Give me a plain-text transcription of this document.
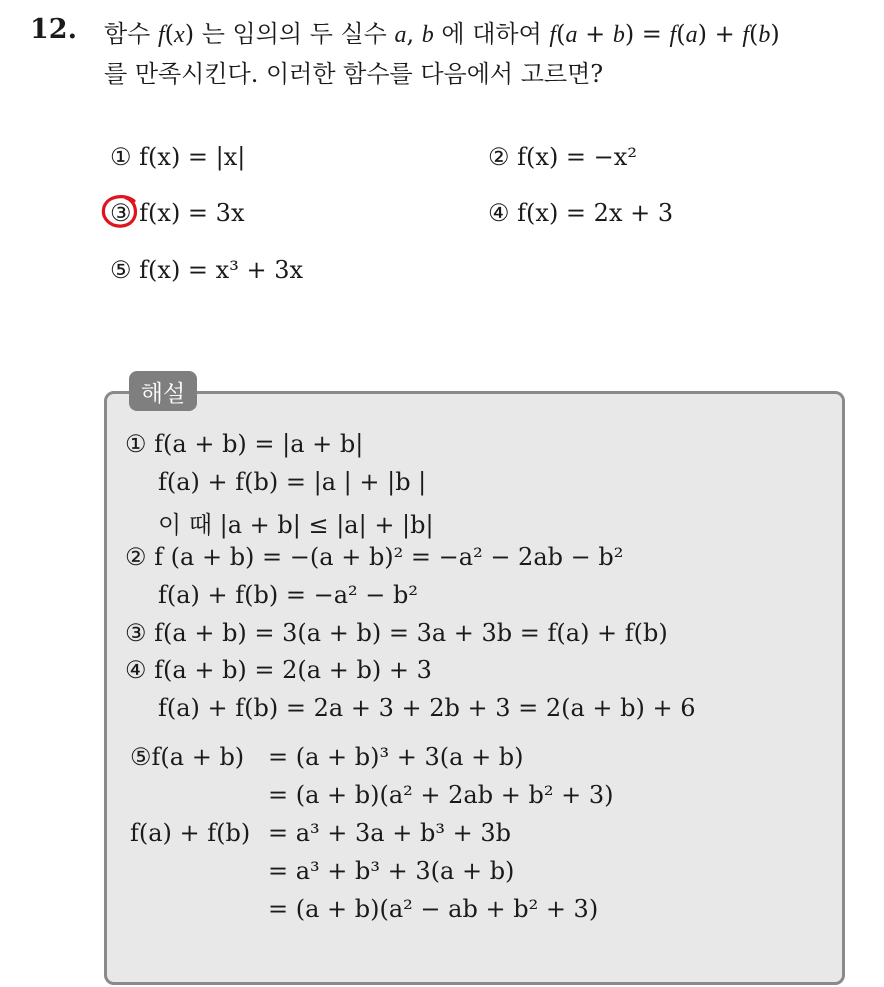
12. 함수 f(x) 는 임의의 두 실수 a, b 에 대하여 f(a + b) = f(a) + f(b)
를 만족시킨다. 이러한 함수를 다음에서 고르면?
① f(x) = |x|	② f(x) = −x²
③ f(x) = 3x	④ f(x) = 2x + 3
⑤ f(x) = x³ + 3x
해설
① f(a + b) = |a + b|
f(a) + f(b) = |a | + |b |
이 때 |a + b| ≤ |a| + |b|
② f (a + b) = −(a + b)² = −a² − 2ab − b²
f(a) + f(b) = −a² − b²
③ f(a + b) = 3(a + b) = 3a + 3b = f(a) + f(b)
④ f(a + b) = 2(a + b) + 3
f(a) + f(b) = 2a + 3 + 2b + 3 = 2(a + b) + 6
⑤f(a + b) = (a + b)³ + 3(a + b)
= (a + b)(a² + 2ab + b² + 3)
f(a) + f(b) = a³ + 3a + b³ + 3b
= a³ + b³ + 3(a + b)
= (a + b)(a² − ab + b² + 3)
